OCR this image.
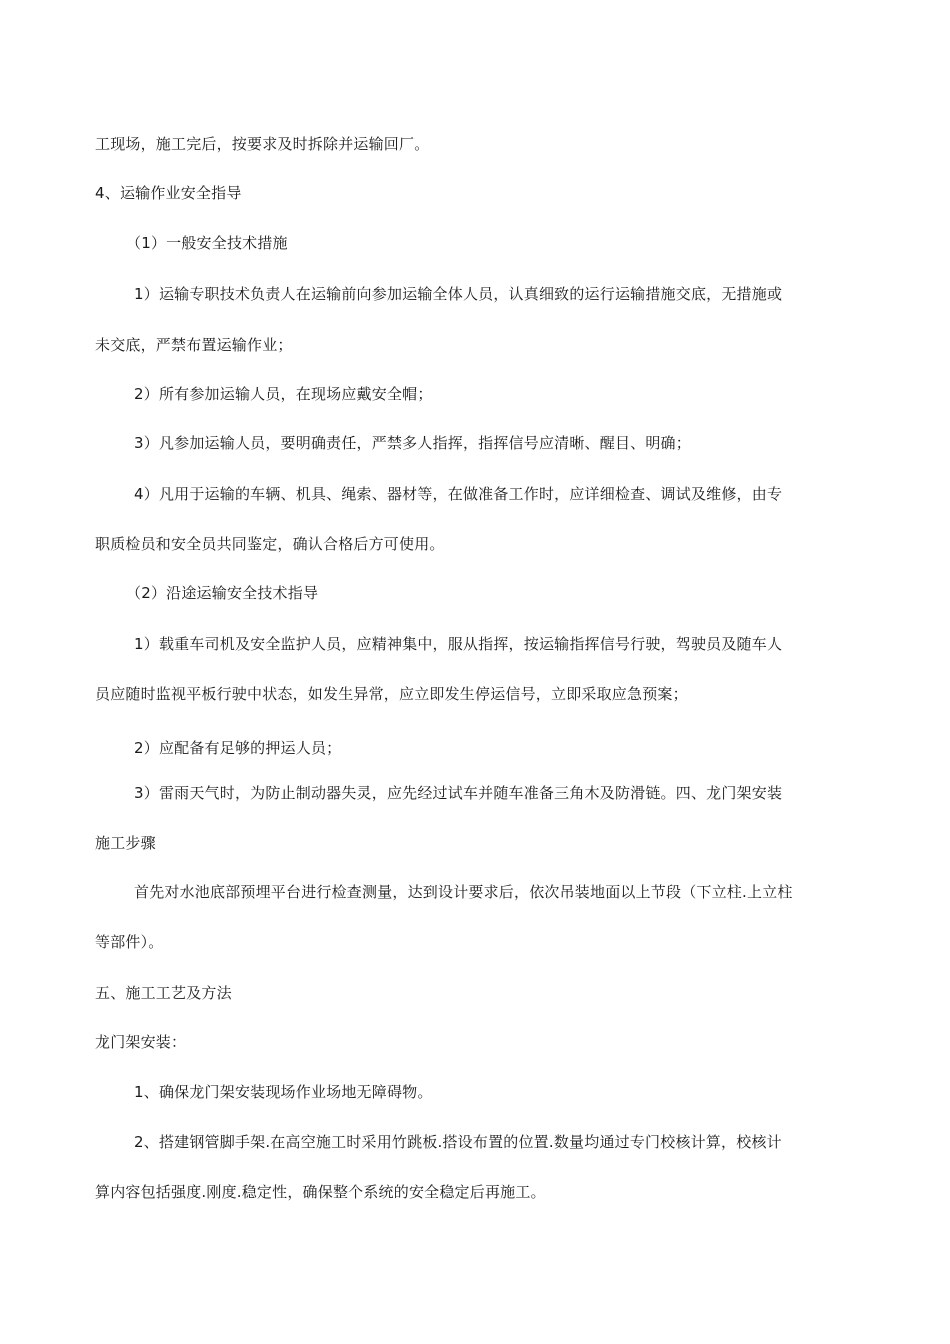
工现场，施工完后，按要求及时拆除并运输回厂。
4、运输作业安全指导
（1）一般安全技术措施
1）运输专职技术负责人在运输前向参加运输全体人员，认真细致的运行运输措施交底，无措施或
未交底，严禁布置运输作业；
2）所有参加运输人员，在现场应戴安全帽；
3）凡参加运输人员，要明确责任，严禁多人指挥，指挥信号应清晰、醒目、明确；
4）凡用于运输的车辆、机具、绳索、器材等，在做准备工作时，应详细检查、调试及维修，由专
职质检员和安全员共同鉴定，确认合格后方可使用。
（2）沿途运输安全技术指导
1）载重车司机及安全监护人员，应精神集中，服从指挥，按运输指挥信号行驶，驾驶员及随车人
员应随时监视平板行驶中状态，如发生异常，应立即发生停运信号，立即采取应急预案；
2）应配备有足够的押运人员；
3）雷雨天气时，为防止制动器失灵，应先经过试车并随车准备三角木及防滑链。四、龙门架安装
施工步骤
首先对水池底部预埋平台进行检查测量，达到设计要求后，依次吊装地面以上节段（下立柱.上立柱
等部件）。
五、施工工艺及方法
龙门架安装：
1、确保龙门架安装现场作业场地无障碍物。
2、搭建钢管脚手架.在高空施工时采用竹跳板.搭设布置的位置.数量均通过专门校核计算，校核计
算内容包括强度.刚度.稳定性，确保整个系统的安全稳定后再施工。
